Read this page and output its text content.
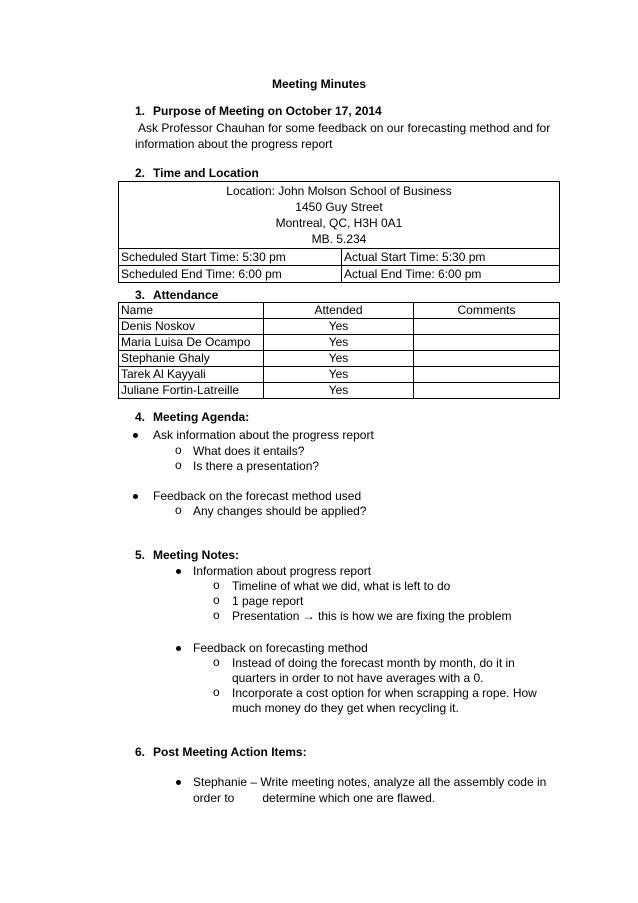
Meeting Minutes
1. Purpose of Meeting on October 17, 2014
Ask Professor Chauhan for some feedback on our forecasting method and for
information about the progress report
2. Time and Location
Location: John Molson School of Business
1450 Guy Street
Montreal, QC, H3H 0A1
MB. 5.234	

Scheduled Start Time: 5:30 pm	Actual Start Time: 5:30 pm
Scheduled End Time: 6:00 pm	Actual End Time: 6:00 pm
3. Attendance
Name	Attended	Comments
Denis Noskov	Yes	
Maria Luisa De Ocampo	Yes	
Stephanie Ghaly	Yes	
Tarek Al Kayyali	Yes	
Juliane Fortin-Latreille	Yes	
4. Meeting Agenda:
Ask information about the progress report
o What does it entails?
o Is there a presentation?
Feedback on the forecast method used
o Any changes should be applied?
5. Meeting Notes:
Information about progress report
o Timeline of what we did, what is left to do
o 1 page report
o Presentation → this is how we are fixing the problem
Feedback on forecasting method
o Instead of doing the forecast month by month, do it in
quarters in order to not have averages with a 0.
o Incorporate a cost option for when scrapping a rope. How
much money do they get when recycling it.
6. Post Meeting Action Items:
Stephanie – Write meeting notes, analyze all the assembly code in
order to determine which one are flawed.
